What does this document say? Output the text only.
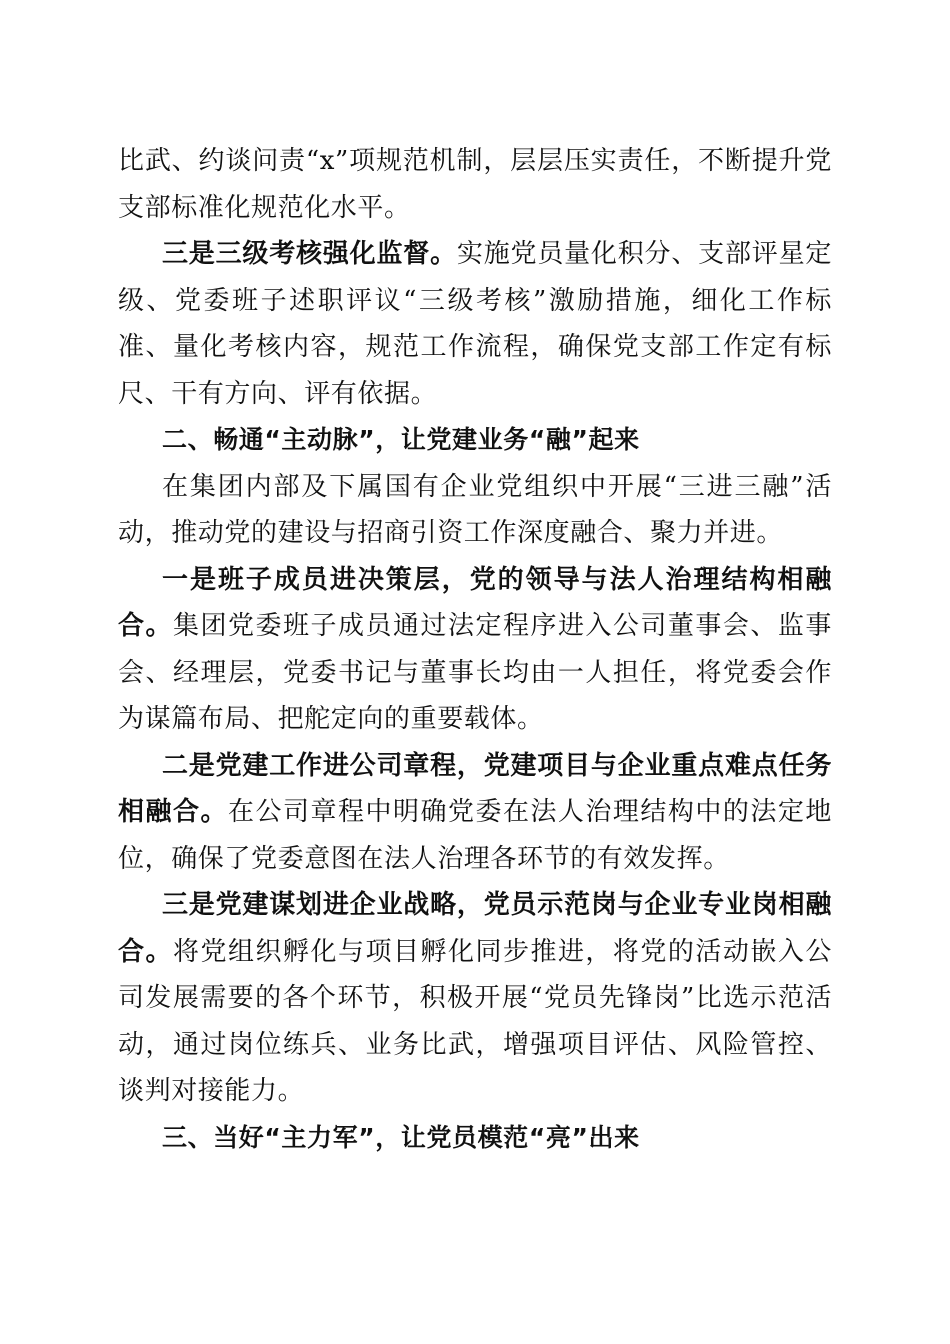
比武、约谈问责“x”项规范机制，层层压实责任，不断提升党支部标准化规范化水平。

三是三级考核强化监督。实施党员量化积分、支部评星定级、党委班子述职评议“三级考核”激励措施，细化工作标准、量化考核内容，规范工作流程，确保党支部工作定有标尺、干有方向、评有依据。

二、畅通“主动脉”，让党建业务“融”起来

在集团内部及下属国有企业党组织中开展“三进三融”活动，推动党的建设与招商引资工作深度融合、聚力并进。

一是班子成员进决策层，党的领导与法人治理结构相融合。集团党委班子成员通过法定程序进入公司董事会、监事会、经理层，党委书记与董事长均由一人担任，将党委会作为谋篇布局、把舵定向的重要载体。

二是党建工作进公司章程，党建项目与企业重点难点任务相融合。在公司章程中明确党委在法人治理结构中的法定地位，确保了党委意图在法人治理各环节的有效发挥。

三是党建谋划进企业战略，党员示范岗与企业专业岗相融合。将党组织孵化与项目孵化同步推进，将党的活动嵌入公司发展需要的各个环节，积极开展“党员先锋岗”比选示范活动，通过岗位练兵、业务比武，增强项目评估、风险管控、谈判对接能力。

三、当好“主力军”，让党员模范“亮”出来
